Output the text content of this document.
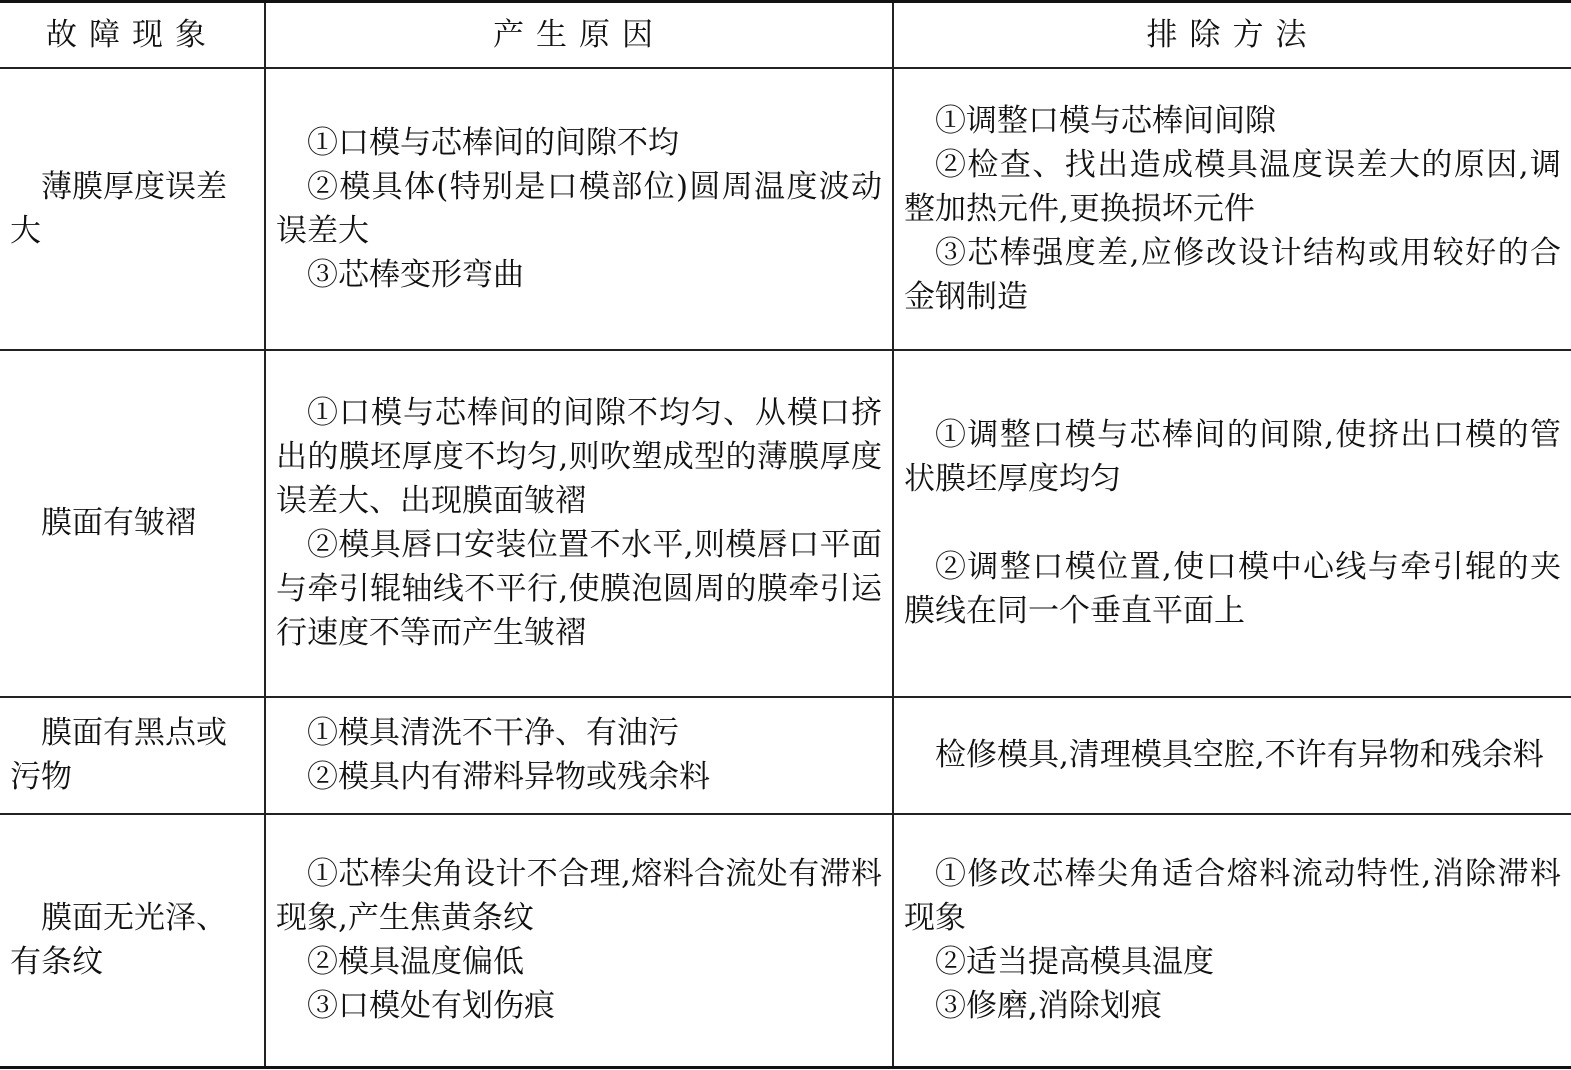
故障现象	产生原因	排除方法

薄膜厚度误差大	①口模与芯棒间的间隙不均
②模具体(特别是口模部位)圆周温度波动误差大
③芯棒变形弯曲	①调整口模与芯棒间间隙
②检查、找出造成模具温度误差大的原因,调整加热元件,更换损坏元件
③芯棒强度差,应修改设计结构或用较好的合金钢制造

膜面有皱褶	①口模与芯棒间的间隙不均匀、从模口挤出的膜坯厚度不均匀,则吹塑成型的薄膜厚度误差大、出现膜面皱褶
②模具唇口安装位置不水平,则模唇口平面与牵引辊轴线不平行,使膜泡圆周的膜牵引运行速度不等而产生皱褶	①调整口模与芯棒间的间隙,使挤出口模的管状膜坯厚度均匀
②调整口模位置,使口模中心线与牵引辊的夹膜线在同一个垂直平面上

膜面有黑点或污物	①模具清洗不干净、有油污
②模具内有滞料异物或残余料	检修模具,清理模具空腔,不许有异物和残余料

膜面无光泽、有条纹	①芯棒尖角设计不合理,熔料合流处有滞料现象,产生焦黄条纹
②模具温度偏低
③口模处有划伤痕	①修改芯棒尖角适合熔料流动特性,消除滞料现象
②适当提高模具温度
③修磨,消除划痕
